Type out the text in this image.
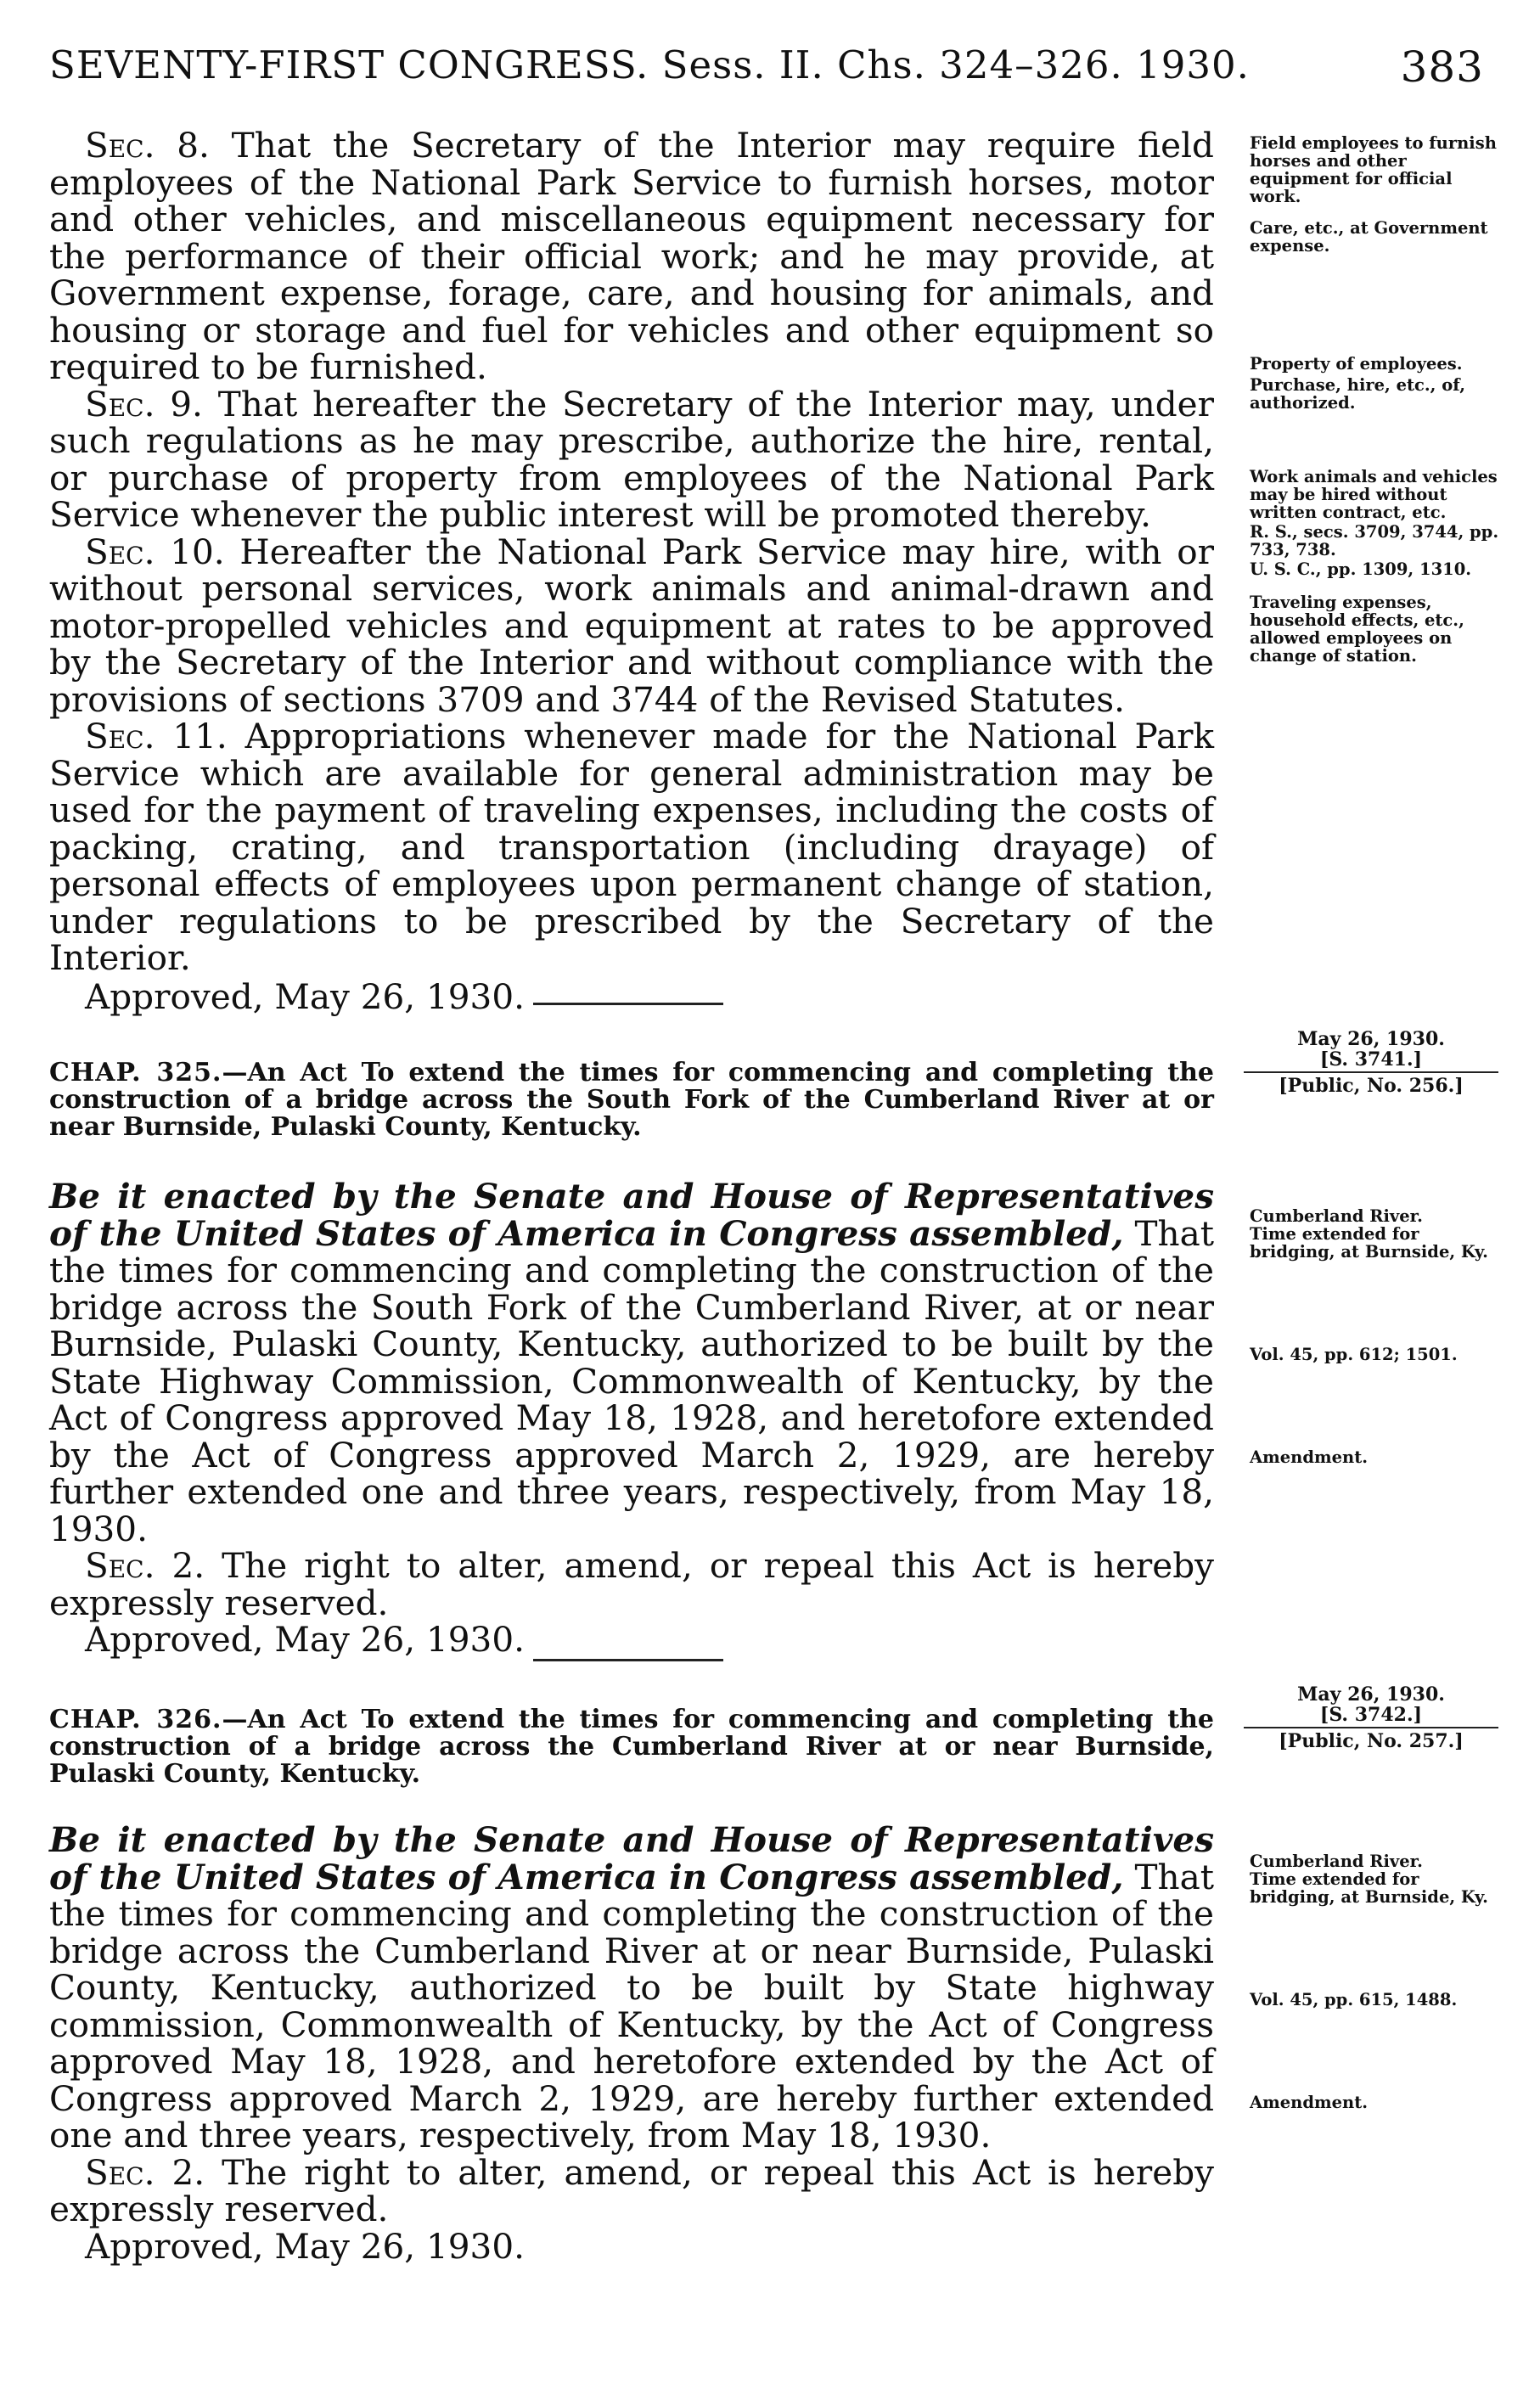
SEVENTY-FIRST CONGRESS. Sess. II. Chs. 324–326. 1930.	383

Sec. 8. That the Secretary of the Interior may require field employees of the National Park Service to furnish horses, motor and other vehicles, and miscellaneous equipment necessary for the performance of their official work; and he may provide, at Government expense, forage, care, and housing for animals, and housing or storage and fuel for vehicles and other equipment so required to be furnished.

Sec. 9. That hereafter the Secretary of the Interior may, under such regulations as he may prescribe, authorize the hire, rental, or purchase of property from employees of the National Park Service whenever the public interest will be promoted thereby.

Sec. 10. Hereafter the National Park Service may hire, with or without personal services, work animals and animal-drawn and motor-propelled vehicles and equipment at rates to be approved by the Secretary of the Interior and without compliance with the provisions of sections 3709 and 3744 of the Revised Statutes.

Sec. 11. Appropriations whenever made for the National Park Service which are available for general administration may be used for the payment of traveling expenses, including the costs of packing, crating, and transportation (including drayage) of personal effects of employees upon permanent change of station, under regulations to be prescribed by the Secretary of the Interior.

Approved, May 26, 1930.

Field employees to furnish horses and other equipment for official work.
Care, etc., at Government expense.
Property of employees.
Purchase, hire, etc., of, authorized.
Work animals and vehicles may be hired without written contract, etc.
R. S., secs. 3709, 3744, pp. 733, 738.
U. S. C., pp. 1309, 1310.
Traveling expenses, household effects, etc., allowed employees on change of station.
May 26, 1930.
[S. 3741.]
[Public, No. 256.]
CHAP. 325.—An Act To extend the times for commencing and completing the construction of a bridge across the South Fork of the Cumberland River at or near Burnside, Pulaski County, Kentucky.

Be it enacted by the Senate and House of Representatives of the United States of America in Congress assembled, That the times for commencing and completing the construction of the bridge across the South Fork of the Cumberland River, at or near Burnside, Pulaski County, Kentucky, authorized to be built by the State Highway Commission, Commonwealth of Kentucky, by the Act of Congress approved May 18, 1928, and heretofore extended by the Act of Congress approved March 2, 1929, are hereby further extended one and three years, respectively, from May 18, 1930.

Sec. 2. The right to alter, amend, or repeal this Act is hereby expressly reserved.

Approved, May 26, 1930.

Cumberland River.
Time extended for bridging, at Burnside, Ky.
Vol. 45, pp. 612; 1501.
Amendment.
May 26, 1930.
[S. 3742.]
[Public, No. 257.]
CHAP. 326.—An Act To extend the times for commencing and completing the construction of a bridge across the Cumberland River at or near Burnside, Pulaski County, Kentucky.

Be it enacted by the Senate and House of Representatives of the United States of America in Congress assembled, That the times for commencing and completing the construction of the bridge across the Cumberland River at or near Burnside, Pulaski County, Kentucky, authorized to be built by State highway commission, Commonwealth of Kentucky, by the Act of Congress approved May 18, 1928, and heretofore extended by the Act of Congress approved March 2, 1929, are hereby further extended one and three years, respectively, from May 18, 1930.

Sec. 2. The right to alter, amend, or repeal this Act is hereby expressly reserved.

Approved, May 26, 1930.

Cumberland River.
Time extended for bridging, at Burnside, Ky.
Vol. 45, pp. 615, 1488.
Amendment.
